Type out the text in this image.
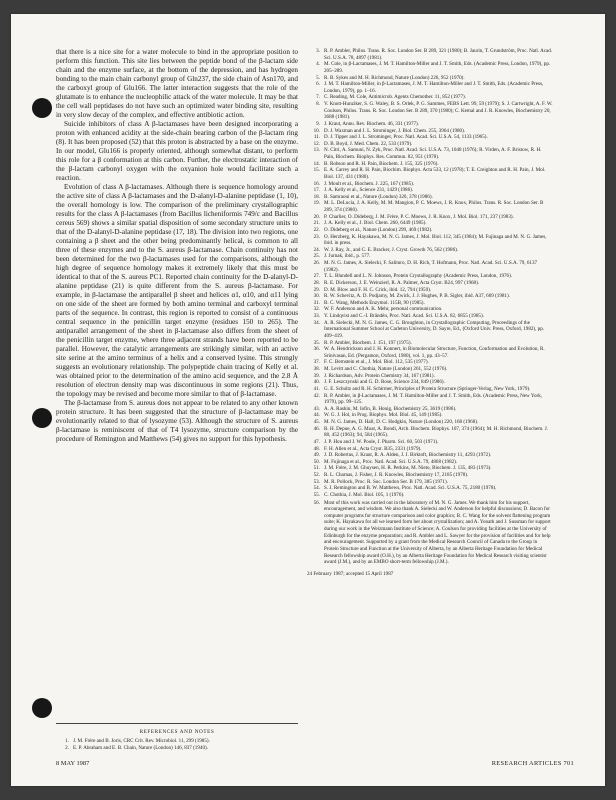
that there is a nice site for a water molecule to bind in the appropriate position to perform this function. This site lies between the peptide bond of the β-lactam side chain and the enzyme surface, at the bottom of the depression, and has hydrogen bonding to the main chain carbonyl group of Gln237, the side chain of Asn170, and the carboxyl group of Glu166. The latter interaction suggests that the role of the glutamate is to enhance the nucleophilic attack of the water molecule. It may be that the cell wall peptidases do not have such an optimized water binding site, resulting in very slow decay of the complex, and effective antibiotic action.

Suicide inhibitors of class A β-lactamases have been designed incorporating a proton with enhanced acidity at the side-chain bearing carbon of the β-lactam ring (8). It has been proposed (52) that this proton is abstracted by a base on the enzyme. In our model, Glu166 is properly oriented, although somewhat distant, to perform this role for a β conformation at this carbon. Further, the electrostatic interaction of the β-lactam carbonyl oxygen with the oxyanion hole would facilitate such a reaction.

Evolution of class A β-lactamases. Although there is sequence homology around the active site of class A β-lactamases and the D-alanyl-D-alanine peptidase (1, 10), the overall homology is low. The comparison of the preliminary crystallographic results for the class A β-lactamases (from Bacillus licheniformis 749/c and Bacillus cereus 569) shows a similar spatial disposition of some secondary structure units to that of the D-alanyl-D-alanine peptidase (17, 18). The division into two regions, one containing a β sheet and the other being predominantly helical, is common to all three of these enzymes and to the S. aureus β-lactamase. Chain continuity has not been determined for the two β-lactamases used for the comparisons, although the high degree of sequence homology makes it extremely likely that this must be identical to that of the S. aureus PC1. Reported chain continuity for the D-alanyl-D-alanine peptidase (21) is quite different from the S. aureus β-lactamase. For example, in β-lactamase the antiparallel β sheet and helices α1, α10, and α11 lying on one side of the sheet are formed by both amino terminal and carboxyl terminal parts of the sequence. In contrast, this region is reported to consist of a continuous central sequence in the penicillin target enzyme (residues 150 to 265). The antiparallel arrangement of the sheet in β-lactamase also differs from the sheet of the penicillin target enzyme, where three adjacent strands have been reported to be parallel. However, the catalytic arrangements are strikingly similar, with an active site serine at the amino terminus of a helix and a conserved lysine. This strongly suggests an evolutionary relationship. The polypeptide chain tracing of Kelly et al. was obtained prior to the determination of the amino acid sequence, and the 2.8 Å resolution of electron density map was discontinuous in some regions (21). Thus, the topology may be revised and become more similar to that of β-lactamase.

The β-lactamase from S. aureus does not appear to be related to any other known protein structure. It has been suggested that the structure of β-lactamase may be evolutionarily related to that of lysozyme (53). Although the structure of S. aureus β-lactamase is reminiscent of that of T4 lysozyme, structure comparison by the procedure of Remington and Matthews (54) gives no support for this hypothesis.

REFERENCES AND NOTES
1. J. M. Frère and B. Joris, CRC Crit. Rev. Microbiol. 11, 299 (1985).
2. E. P. Abraham and E. B. Chain, Nature (London) 146, 837 (1940).
3. R. P. Ambler, Philos. Trans. R. Soc. London Ser. B 289, 321 (1980); B. Jaurin, T. Grundström, Proc. Natl. Acad. Sci. U.S.A. 78, 4897 (1981).
4. M. Cole, in β-Lactamases, J. M. T. Hamilton-Miller and J. T. Smith, Eds. (Academic Press, London, 1979), pp. 205–289.
5. R. B. Sykes and M. H. Richmond, Nature (London) 226, 952 (1970).
6. J. M. T. Hamilton-Miller, in β-Lactamases, J. M. T. Hamilton-Miller and J. T. Smith, Eds. (Academic Press, London, 1979), pp. 1–16.
7. C. Reading, M. Cole, Antimicrob. Agents Chemother. 11, 852 (1977).
8. V. Knott-Hunziker, S. G. Waley, B. S. Orlek, P. G. Sammes, FEBS Lett. 99, 59 (1979); S. J. Cartwright, A. F. W. Coulson, Philos. Trans. R. Soc. London Ser. B 289, 370 (1980); C. Kemal and J. R. Knowles, Biochemistry 20, 3688 (1981).
9. J. Kraut, Annu. Rev. Biochem. 46, 331 (1977).
10. D. J. Waxman and J. L. Strominger, J. Biol. Chem. 255, 3964 (1980).
11. D. J. Tipper and J. L. Strominger, Proc. Natl. Acad. Sci. U.S.A. 54, 1133 (1965).
12. D. B. Boyd, J. Med. Chem. 22, 533 (1979).
13. N. Citri, A. Samuni, N. Zyk, Proc. Natl. Acad. Sci. U.S.A. 73, 1048 (1976); R. Virden, A. F. Bristow, R. H. Pain, Biochem. Biophys. Res. Commun. 82, 951 (1978).
14. B. Robson and R. H. Pain, Biochem. J. 155, 325 (1976).
15. E. A. Carrey and R. H. Pain, Biochim. Biophys. Acta 533, 12 (1978); T. E. Creighton and R. H. Pain, J. Mol. Biol. 137, 431 (1980).
16. J. Moult et al., Biochem. J. 225, 167 (1985).
17. J. A. Kelly et al., Science 231, 1429 (1986).
18. B. Samraoui et al., Nature (London) 320, 378 (1986).
19. M. L. DeLucia, J. A. Kelly, M. M. Mangion, P. C. Moews, J. R. Knox, Philos. Trans. R. Soc. London Ser. B 289, 374 (1980).
20. P. Charlier, O. Dideberg, J. M. Frère, P. C. Moews, J. R. Knox, J. Mol. Biol. 171, 237 (1983).
21. J. A. Kelly et al., J. Biol. Chem. 260, 6449 (1985).
22. O. Dideberg et al., Nature (London) 299, 469 (1982).
23. O. Herzberg, K. Hayakawa, M. N. G. James, J. Mol. Biol. 112, 345 (1984); M. Fujinaga and M. N. G. James, ibid. in press.
24. W. J. Ray, Jr., and C. E. Bracker, J. Cryst. Growth 76, 562 (1986).
25. J. Jurnak, ibid., p. 577.
26. M. N. G. James, A. Sielecki, F. Salituro, D. H. Rich, T. Hofmann, Proc. Natl. Acad. Sci. U.S.A. 79, 6137 (1982).
27. T. L. Blundell and L. N. Johnson, Protein Crystallography (Academic Press, London, 1976).
28. R. E. Dickerson, J. E. Weinzierl, R. A. Palmer, Acta Cryst. B24, 997 (1968).
29. D. M. Blow and F. H. C. Crick, ibid. 12, 794 (1959).
30. R. W. Schevitz, A. D. Podjarny, M. Zwick, J. J. Hughes, P. B. Sigler, ibid. A37, 669 (1981).
31. B. C. Wang, Methods Enzymol. 115B, 90 (1985).
32. W. F. Anderson and A. K. Mehr, personal communication.
33. Y. Lindqvist and C.-I. Brändén, Proc. Natl. Acad. Sci. U.S.A. 82, 6855 (1985).
34. A. R. Sielecki, M. N. G. James, C. G. Broughton, in Crystallographic Computing, Proceedings of the International Summer School at Carleton University, D. Sayre, Ed., (Oxford Univ. Press, Oxford, 1982), pp. 409–419.
35. R. P. Ambler, Biochem. J. 151, 197 (1975).
36. W. A. Hendrickson and J. H. Konnert, in Biomolecular Structure, Function, Conformation and Evolution, R. Srinivasan, Ed. (Pergamon, Oxford, 1980), vol. 1, pp. 43–57.
37. F. C. Bernstein et al., J. Mol. Biol. 112, 535 (1977).
38. M. Levitt and C. Chothia, Nature (London) 261, 552 (1976).
39. J. Richardson, Adv. Protein Chemistry 34, 167 (1981).
40. J. F. Leszczynski and G. D. Rose, Science 234, 849 (1986).
41. G. E. Schultz and R. H. Schirmer, Principles of Protein Structure (Springer-Verlag, New York, 1979).
42. R. P. Ambler, in β-Lactamases, J. M. T. Hamilton-Miller and J. T. Smith, Eds. (Academic Press, New York, 1979), pp. 99–125.
43. A. A. Rashin, M. Iofin, B. Honig, Biochemistry 25, 3619 (1986).
44. W. G. J. Hol, in Prog. Biophys. Mol. Biol. 45, 149 (1985).
45. M. N. G. James, D. Hall, D. C. Hodgkin, Nature (London) 220, 168 (1968).
46. R. H. Depue, A. G. Moat, A. Bondi, Arch. Biochem. Biophys. 107, 374 (1964); M. H. Richmond, Biochem. J. 88, 452 (1963); 94, 584 (1965).
47. J. P. Hou and J. W. Poole, J. Pharm. Sci. 60, 503 (1971).
48. F. H. Allen et al., Acta Cryst. B35, 2331 (1979).
49. J. D. Robertus, J. Kraut, R. A. Alden, J. J. Birktoft, Biochemistry 11, 4293 (1972).
50. M. Fujinaga et al., Proc. Natl. Acad. Sci. U.S.A. 79, 4868 (1982).
51. J. M. Frère, J. M. Ghuysen, H. R. Perkins, M. Nieto, Biochem. J. 135, 483 (1973).
52. R. L. Charnas, J. Fisher, J. R. Knowles, Biochemistry 17, 2185 (1978).
53. M. R. Pollock, Proc. R. Soc. London Ser. B 179, 385 (1971).
54. S. J. Remington and B. W. Matthews, Proc. Natl. Acad. Sci. U.S.A. 75, 2180 (1978).
55. C. Chothia, J. Mol. Biol. 105, 1 (1976).
56. Most of this work was carried out in the laboratory of M. N. G. James. We thank him for his support, encouragement, and wisdom. We also thank A. Sielecki and W. Anderson for helpful discussions; D. Bacon for computer programs for structure comparison and color graphics; B. C. Wang for the solvent flattening program suite; K. Hayakawa for all we learned form her about crystallization; and A. Yonath and J. Sussman for support during our work in the Weizmann Institute of Science; A. Coulson for providing facilities at the University of Edinburgh for the enzyme preparation; and R. Ambler and L. Sawyer for the provision of facilities and for help and encouragement. Supported by a grant from the Medical Research Council of Canada to the Group in Protein Structure and Function at the University of Alberta, by an Alberta Heritage Foundation for Medical Research fellowship award (O.H.), by an Alberta Heritage Foundation for Medical Research visiting scientist award (J.M.), and by an EMBO short-term fellowship (J.M.).
24 February 1987; accepted 15 April 1987
8 MAY 1987	RESEARCH ARTICLES 701
